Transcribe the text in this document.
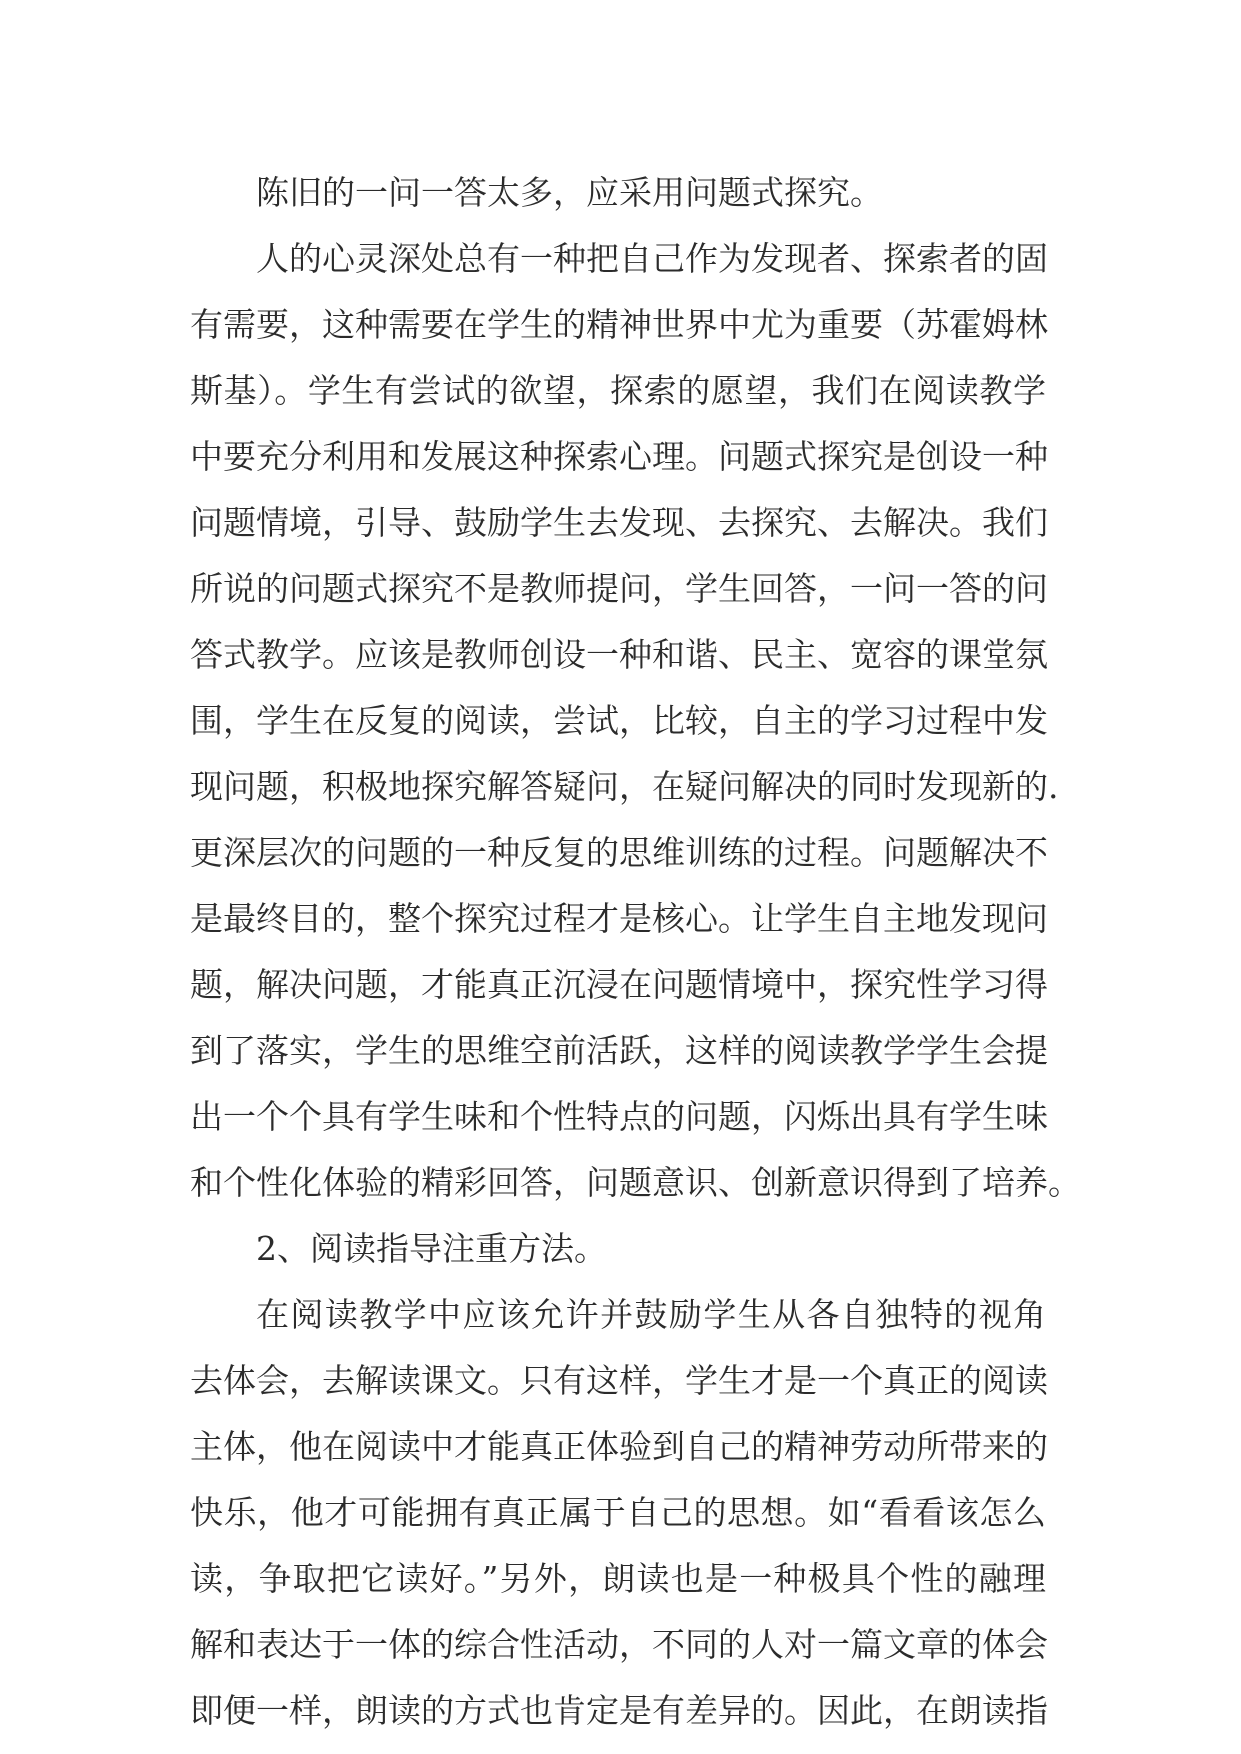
陈旧的一问一答太多，应采用问题式探究。
人的心灵深处总有一种把自己作为发现者、探索者的固
有需要，这种需要在学生的精神世界中尤为重要（苏霍姆林
斯基）。学生有尝试的欲望，探索的愿望，我们在阅读教学
中要充分利用和发展这种探索心理。问题式探究是创设一种
问题情境，引导、鼓励学生去发现、去探究、去解决。我们
所说的问题式探究不是教师提问，学生回答，一问一答的问
答式教学。应该是教师创设一种和谐、民主、宽容的课堂氛
围，学生在反复的阅读，尝试，比较，自主的学习过程中发
现问题，积极地探究解答疑问，在疑问解决的同时发现新的.
更深层次的问题的一种反复的思维训练的过程。问题解决不
是最终目的，整个探究过程才是核心。让学生自主地发现问
题，解决问题，才能真正沉浸在问题情境中，探究性学习得
到了落实，学生的思维空前活跃，这样的阅读教学学生会提
出一个个具有学生味和个性特点的问题，闪烁出具有学生味
和个性化体验的精彩回答，问题意识、创新意识得到了培养。
2、阅读指导注重方法。
在阅读教学中应该允许并鼓励学生从各自独特的视角
去体会，去解读课文。只有这样，学生才是一个真正的阅读
主体，他在阅读中才能真正体验到自己的精神劳动所带来的
快乐，他才可能拥有真正属于自己的思想。如“看看该怎么
读，争取把它读好。”另外，朗读也是一种极具个性的融理
解和表达于一体的综合性活动，不同的人对一篇文章的体会
即便一样，朗读的方式也肯定是有差异的。因此，在朗读指
